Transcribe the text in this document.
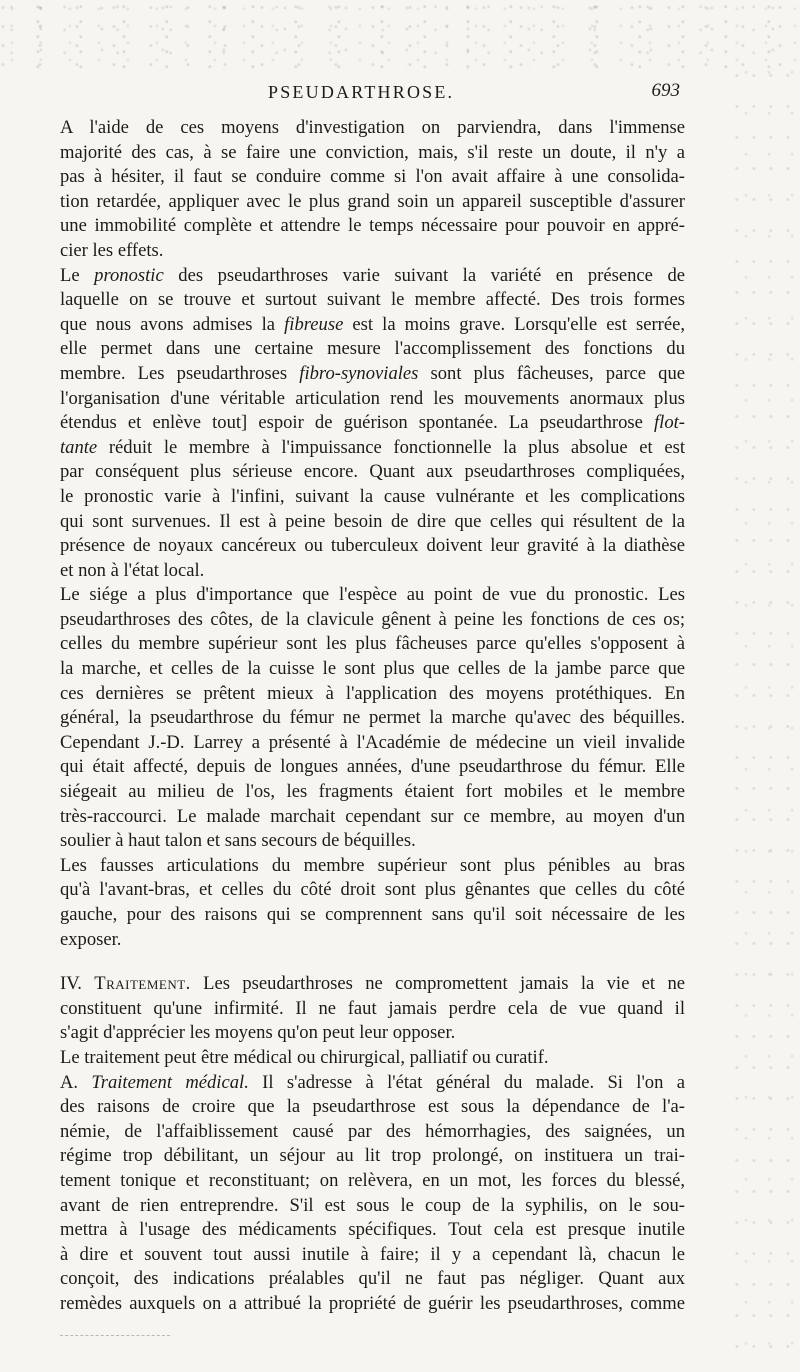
PSEUDARTHROSE.	693

A l'aide de ces moyens d'investigation on parviendra, dans l'immense
majorité des cas, à se faire une conviction, mais, s'il reste un doute, il n'y a
pas à hésiter, il faut se conduire comme si l'on avait affaire à une consolida-
tion retardée, appliquer avec le plus grand soin un appareil susceptible d'assurer
une immobilité complète et attendre le temps nécessaire pour pouvoir en appré-
cier les effets.

Le pronostic des pseudarthroses varie suivant la variété en présence de
laquelle on se trouve et surtout suivant le membre affecté. Des trois formes
que nous avons admises la fibreuse est la moins grave. Lorsqu'elle est serrée,
elle permet dans une certaine mesure l'accomplissement des fonctions du
membre. Les pseudarthroses fibro-synoviales sont plus fâcheuses, parce que
l'organisation d'une véritable articulation rend les mouvements anormaux plus
étendus et enlève tout] espoir de guérison spontanée. La pseudarthrose flot-
tante réduit le membre à l'impuissance fonctionnelle la plus absolue et est
par conséquent plus sérieuse encore. Quant aux pseudarthroses compliquées,
le pronostic varie à l'infini, suivant la cause vulnérante et les complications
qui sont survenues. Il est à peine besoin de dire que celles qui résultent de la
présence de noyaux cancéreux ou tuberculeux doivent leur gravité à la diathèse
et non à l'état local.

Le siége a plus d'importance que l'espèce au point de vue du pronostic. Les
pseudarthroses des côtes, de la clavicule gênent à peine les fonctions de ces os;
celles du membre supérieur sont les plus fâcheuses parce qu'elles s'opposent à
la marche, et celles de la cuisse le sont plus que celles de la jambe parce que
ces dernières se prêtent mieux à l'application des moyens protéthiques. En
général, la pseudarthrose du fémur ne permet la marche qu'avec des béquilles.
Cependant J.-D. Larrey a présenté à l'Académie de médecine un vieil invalide
qui était affecté, depuis de longues années, d'une pseudarthrose du fémur. Elle
siégeait au milieu de l'os, les fragments étaient fort mobiles et le membre
très-raccourci. Le malade marchait cependant sur ce membre, au moyen d'un
soulier à haut talon et sans secours de béquilles.

Les fausses articulations du membre supérieur sont plus pénibles au bras
qu'à l'avant-bras, et celles du côté droit sont plus gênantes que celles du côté
gauche, pour des raisons qui se comprennent sans qu'il soit nécessaire de les
exposer.

IV. Traitement. Les pseudarthroses ne compromettent jamais la vie et ne
constituent qu'une infirmité. Il ne faut jamais perdre cela de vue quand il
s'agit d'apprécier les moyens qu'on peut leur opposer.

Le traitement peut être médical ou chirurgical, palliatif ou curatif.

A. Traitement médical. Il s'adresse à l'état général du malade. Si l'on a
des raisons de croire que la pseudarthrose est sous la dépendance de l'a-
némie, de l'affaiblissement causé par des hémorrhagies, des saignées, un
régime trop débilitant, un séjour au lit trop prolongé, on instituera un trai-
tement tonique et reconstituant; on relèvera, en un mot, les forces du blessé,
avant de rien entreprendre. S'il est sous le coup de la syphilis, on le sou-
mettra à l'usage des médicaments spécifiques. Tout cela est presque inutile
à dire et souvent tout aussi inutile à faire; il y a cependant là, chacun le
conçoit, des indications préalables qu'il ne faut pas négliger. Quant aux
remèdes auxquels on a attribué la propriété de guérir les pseudarthroses, comme
